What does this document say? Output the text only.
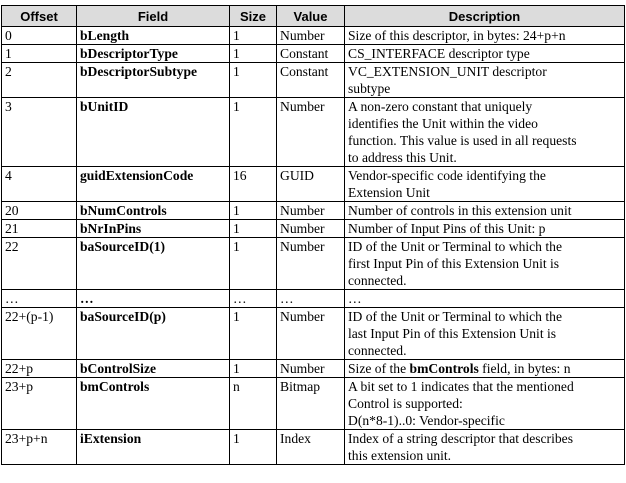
Offset	Field	Size	Value	Description
0	bLength	1	Number	Size of this descriptor, in bytes: 24+p+n
1	bDescriptorType	1	Constant	CS_INTERFACE descriptor type
2	bDescriptorSubtype	1	Constant	VC_EXTENSION_UNIT descriptor
subtype
3	bUnitID	1	Number	A non-zero constant that uniquely
identifies the Unit within the video
function. This value is used in all requests
to address this Unit.
4	guidExtensionCode	16	GUID	Vendor-specific code identifying the
Extension Unit
20	bNumControls	1	Number	Number of controls in this extension unit
21	bNrInPins	1	Number	Number of Input Pins of this Unit: p
22	baSourceID(1)	1	Number	ID of the Unit or Terminal to which the
first Input Pin of this Extension Unit is
connected.
…	…	…	…	…
22+(p-1)	baSourceID(p)	1	Number	ID of the Unit or Terminal to which the
last Input Pin of this Extension Unit is
connected.
22+p	bControlSize	1	Number	Size of the bmControls field, in bytes: n
23+p	bmControls	n	Bitmap	A bit set to 1 indicates that the mentioned
Control is supported:
D(n*8-1)..0: Vendor-specific
23+p+n	iExtension	1	Index	Index of a string descriptor that describes
this extension unit.
